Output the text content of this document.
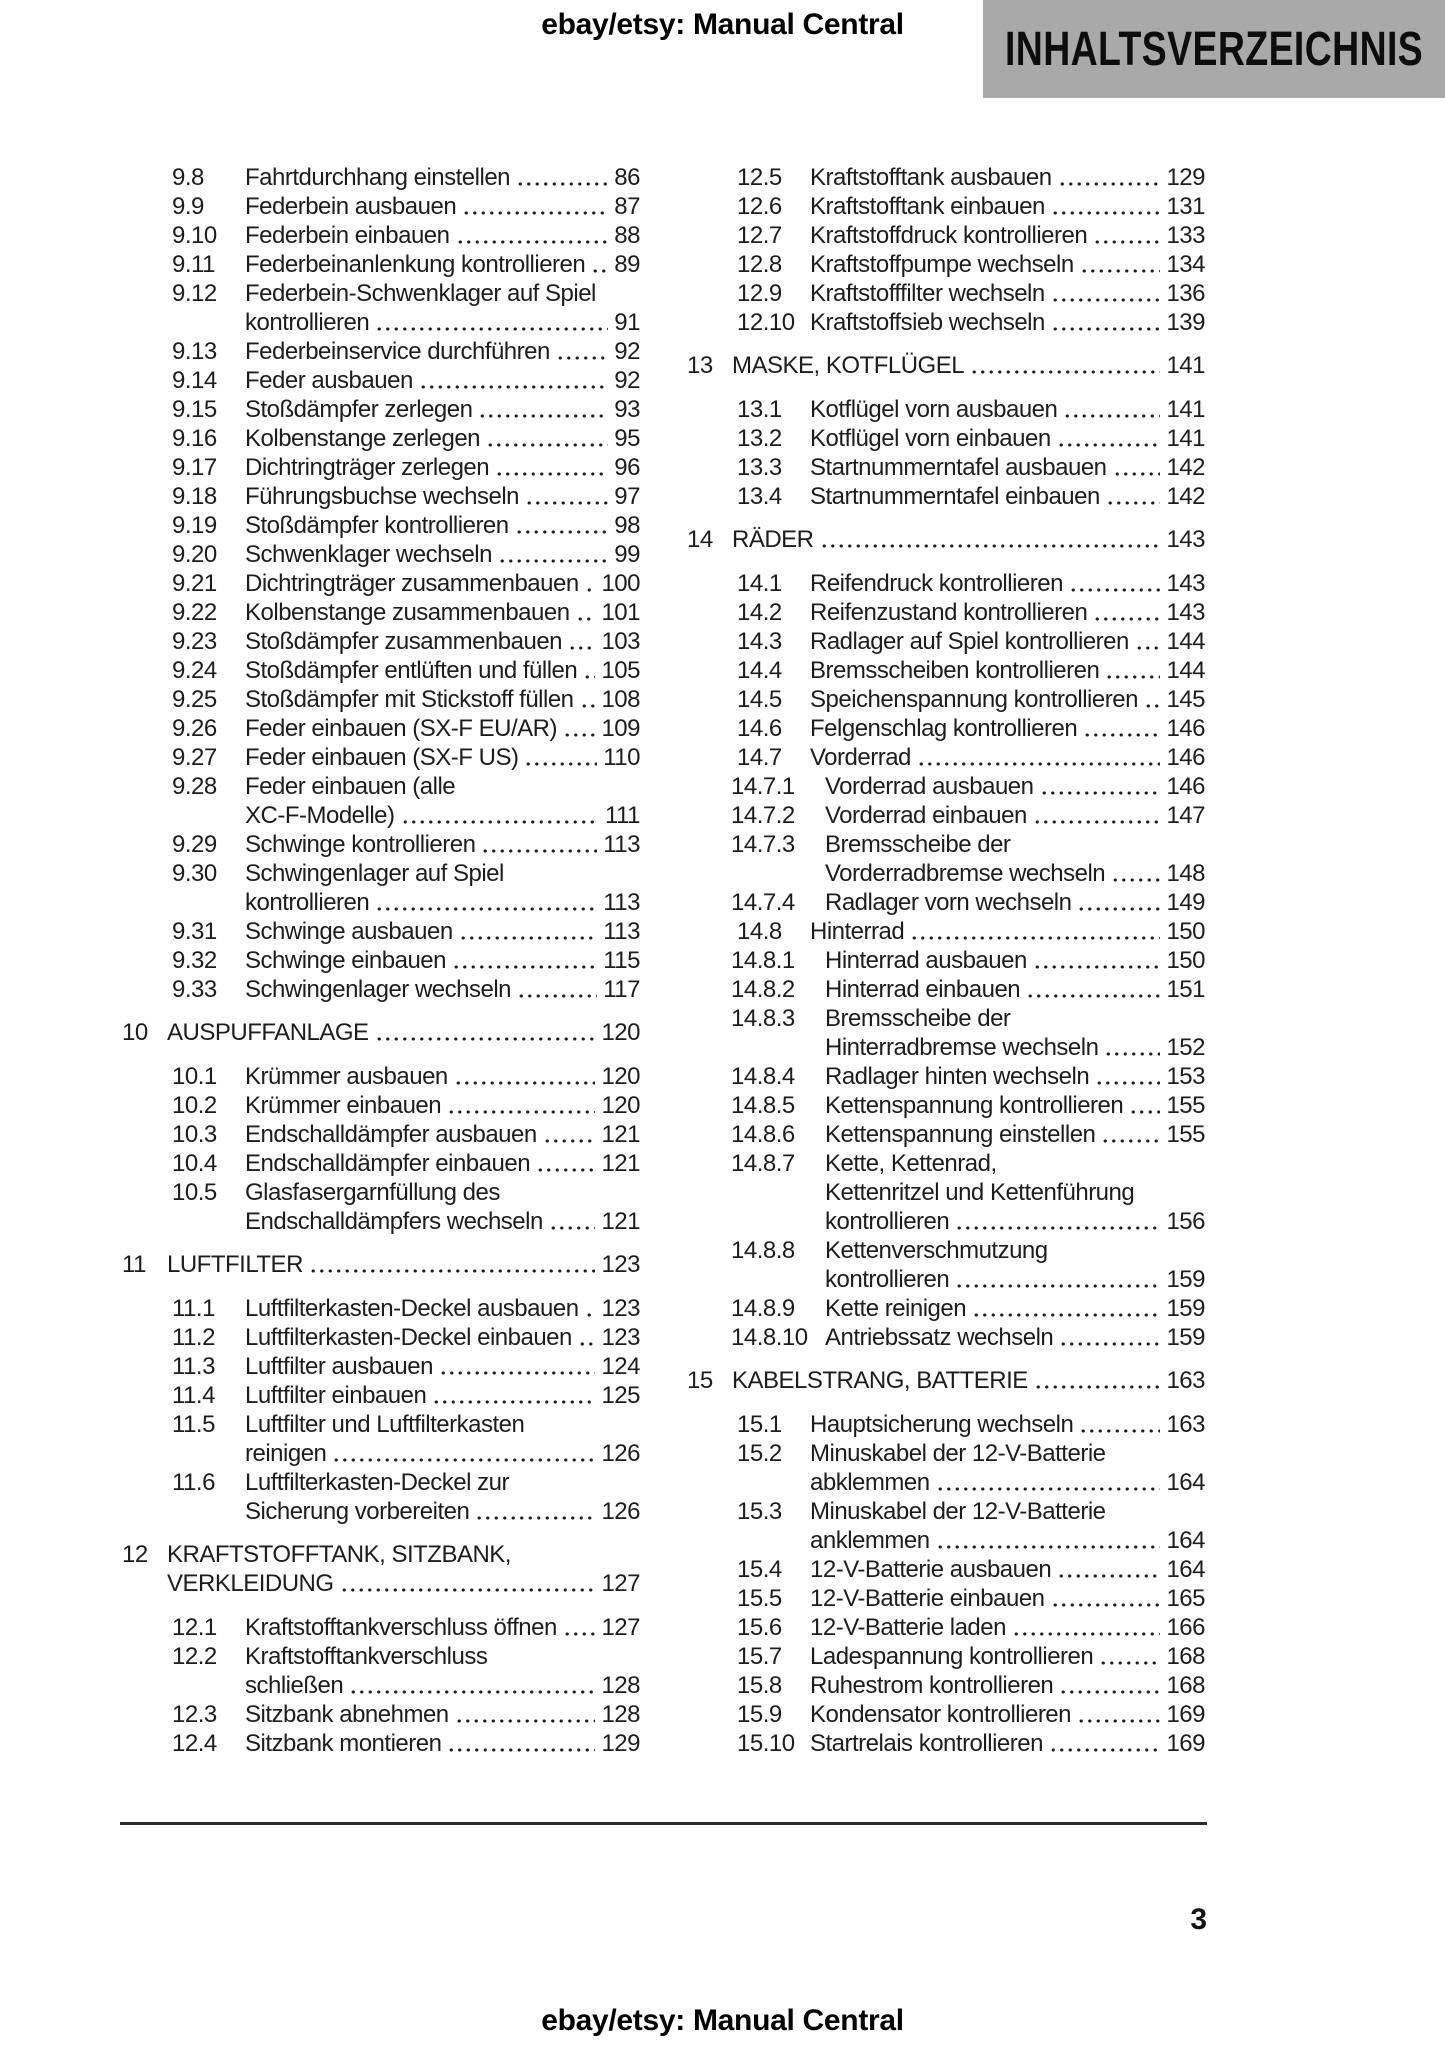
ebay/etsy: Manual Central	INHALTSVERZEICHNIS
9.8	Fahrtdurchhang einstellen	86
9.9	Federbein ausbauen	87
9.10	Federbein einbauen	88
9.11	Federbeinanlenkung kontrollieren 89
9.12	Federbein-Schwenklager auf Spiel
kontrollieren	91
9.13	Federbeinservice durchführen	92
9.14	Feder ausbauen	92
9.15	Stoßdämpfer zerlegen	93
9.16	Kolbenstange zerlegen	95
9.17	Dichtringträger zerlegen	96
9.18	Führungsbuchse wechseln	97
9.19	Stoßdämpfer kontrollieren	98
9.20	Schwenklager wechseln	99
9.21	Dichtringträger zusammenbauen 100
9.22	Kolbenstange zusammenbauen 101
9.23	Stoßdämpfer zusammenbauen 103
9.24	Stoßdämpfer entlüften und füllen 105
9.25	Stoßdämpfer mit Stickstoff füllen 108
9.26	Feder einbauen (SX-F EU/AR) 109
9.27	Feder einbauen (SX-F US)	110
9.28	Feder einbauen (alle
XC-F-Modelle)	111
9.29	Schwinge kontrollieren	113
9.30	Schwingenlager auf Spiel
kontrollieren	113
9.31	Schwinge ausbauen	113
9.32	Schwinge einbauen	115
9.33	Schwingenlager wechseln	117
10 AUSPUFFANLAGE	120
10.1	Krümmer ausbauen	120
10.2	Krümmer einbauen	120
10.3	Endschalldämpfer ausbauen	121
10.4	Endschalldämpfer einbauen	121
10.5	Glasfasergarnfüllung des
Endschalldämpfers wechseln 121
11 LUFTFILTER	123
11.1	Luftfilterkasten-Deckel ausbauen 123
11.2	Luftfilterkasten-Deckel einbauen 123
11.3	Luftfilter ausbauen	124
11.4	Luftfilter einbauen	125
11.5	Luftfilter und Luftfilterkasten
reinigen	126
11.6	Luftfilterkasten-Deckel zur
Sicherung vorbereiten	126
12 KRAFTSTOFFTANK, SITZBANK,
VERKLEIDUNG	127
12.1	Kraftstofftankverschluss öffnen 127
12.2	Kraftstofftankverschluss
schließen	128
12.3	Sitzbank abnehmen	128
12.4	Sitzbank montieren	129
12.5	Kraftstofftank ausbauen	129
12.6	Kraftstofftank einbauen	131
12.7	Kraftstoffdruck kontrollieren	133
12.8	Kraftstoffpumpe wechseln	134
12.9	Kraftstofffilter wechseln	136
12.10 Kraftstoffsieb wechseln	139
13 MASKE, KOTFLÜGEL	141
13.1	Kotflügel vorn ausbauen	141
13.2	Kotflügel vorn einbauen	141
13.3	Startnummerntafel ausbauen 142
13.4	Startnummerntafel einbauen	142
14 RÄDER	143
14.1	Reifendruck kontrollieren	143
14.2	Reifenzustand kontrollieren	143
14.3	Radlager auf Spiel kontrollieren 144
14.4	Bremsscheiben kontrollieren	144
14.5	Speichenspannung kontrollieren 145
14.6	Felgenschlag kontrollieren	146
14.7	Vorderrad	146
14.7.1	Vorderrad ausbauen	146
14.7.2	Vorderrad einbauen	147
14.7.3	Bremsscheibe der
Vorderradbremse wechseln	148
14.7.4	Radlager vorn wechseln	149
14.8	Hinterrad	150
14.8.1	Hinterrad ausbauen	150
14.8.2	Hinterrad einbauen	151
14.8.3	Bremsscheibe der
Hinterradbremse wechseln	152
14.8.4	Radlager hinten wechseln	153
14.8.5	Kettenspannung kontrollieren 155
14.8.6	Kettenspannung einstellen	155
14.8.7	Kette, Kettenrad,
Kettenritzel und Kettenführung
kontrollieren	156
14.8.8	Kettenverschmutzung
kontrollieren	159
14.8.9	Kette reinigen	159
14.8.10 Antriebssatz wechseln	159
15 KABELSTRANG, BATTERIE	163
15.1	Hauptsicherung wechseln	163
15.2	Minuskabel der 12-V-Batterie
abklemmen	164
15.3	Minuskabel der 12-V-Batterie
anklemmen	164
15.4	12-V-Batterie ausbauen	164
15.5	12-V-Batterie einbauen	165
15.6	12-V-Batterie laden	166
15.7	Ladespannung kontrollieren	168
15.8	Ruhestrom kontrollieren	168
15.9	Kondensator kontrollieren	169
15.10 Startrelais kontrollieren	169
3
ebay/etsy: Manual Central
